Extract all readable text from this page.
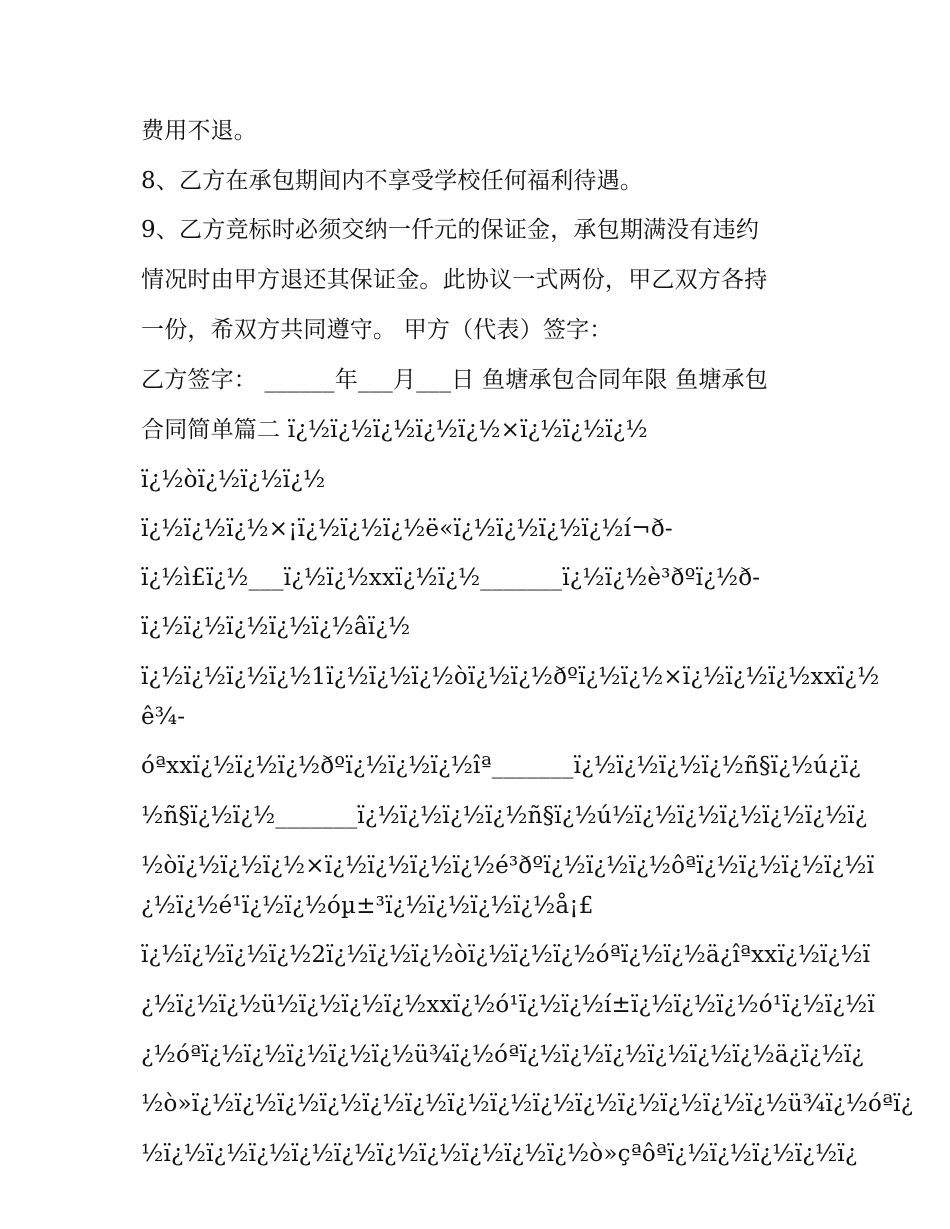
费用不退。
8、乙方在承包期间内不享受学校任何福利待遇。
9、乙方竞标时必须交纳一仟元的保证金，承包期满没有违约
情况时由甲方退还其保证金。此协议一式两份，甲乙双方各持
一份，希双方共同遵守。 甲方（代表）签字：
乙方签字： ______年___月___日 鱼塘承包合同年限 鱼塘承包
合同简单篇二 ï¿½ï¿½ï¿½ï¿½ï¿½×ï¿½ï¿½ï¿½
ï¿½òï¿½ï¿½ï¿½
ï¿½ï¿½ï¿½×¡ï¿½ï¿½ï¿½ë«ï¿½ï¿½ï¿½ï¿½í¬ð-
ï¿½ì£ï¿½___ï¿½ï¿½xxï¿½ï¿½_______ï¿½ï¿½è³ðºï¿½ð-
ï¿½ï¿½ï¿½ï¿½ï¿½âï¿½
ï¿½ï¿½ï¿½ï¿½1ï¿½ï¿½ï¿½òï¿½ï¿½ðºï¿½ï¿½×ï¿½ï¿½ï¿½xxï¿½
ê¾-
óªxxï¿½ï¿½ï¿½ðºï¿½ï¿½ï¿½îª_______ï¿½ï¿½ï¿½ï¿½ñ§ï¿½ú¿ï¿
½ñ§ï¿½ï¿½_______ï¿½ï¿½ï¿½ï¿½ñ§ï¿½ú½ï¿½ï¿½ï¿½ï¿½ï¿½ï¿
½òï¿½ï¿½ï¿½×ï¿½ï¿½ï¿½ï¿½é³ðºï¿½ï¿½ï¿½ôªï¿½ï¿½ï¿½ï¿½ï
¿½ï¿½é¹ï¿½ï¿½óµ±³ï¿½ï¿½ï¿½ï¿½å¡£
ï¿½ï¿½ï¿½ï¿½2ï¿½ï¿½ï¿½òï¿½ï¿½ï¿½óªï¿½ï¿½ä¿îªxxï¿½ï¿½ï
¿½ï¿½ï¿½ü½ï¿½ï¿½ï¿½xxï¿½ó¹ï¿½ï¿½í±ï¿½ï¿½ï¿½ó¹ï¿½ï¿½ï
¿½óªï¿½ï¿½ï¿½ï¿½ï¿½ü¾ï¿½óªï¿½ï¿½ï¿½ï¿½ï¿½ï¿½ä¿ï¿½ï¿
½ò»ï¿½ï¿½ï¿½ï¿½ï¿½ï¿½ï¿½ï¿½ï¿½ï¿½ï¿½ï¿½ï¿½ï¿½ü¾ï¿½óªï¿
½ï¿½ï¿½ï¿½ï¿½ï¿½ï¿½ï¿½ï¿½ï¿½ï¿½ò»çªôªï¿½ï¿½ï¿½ï¿½ï¿
